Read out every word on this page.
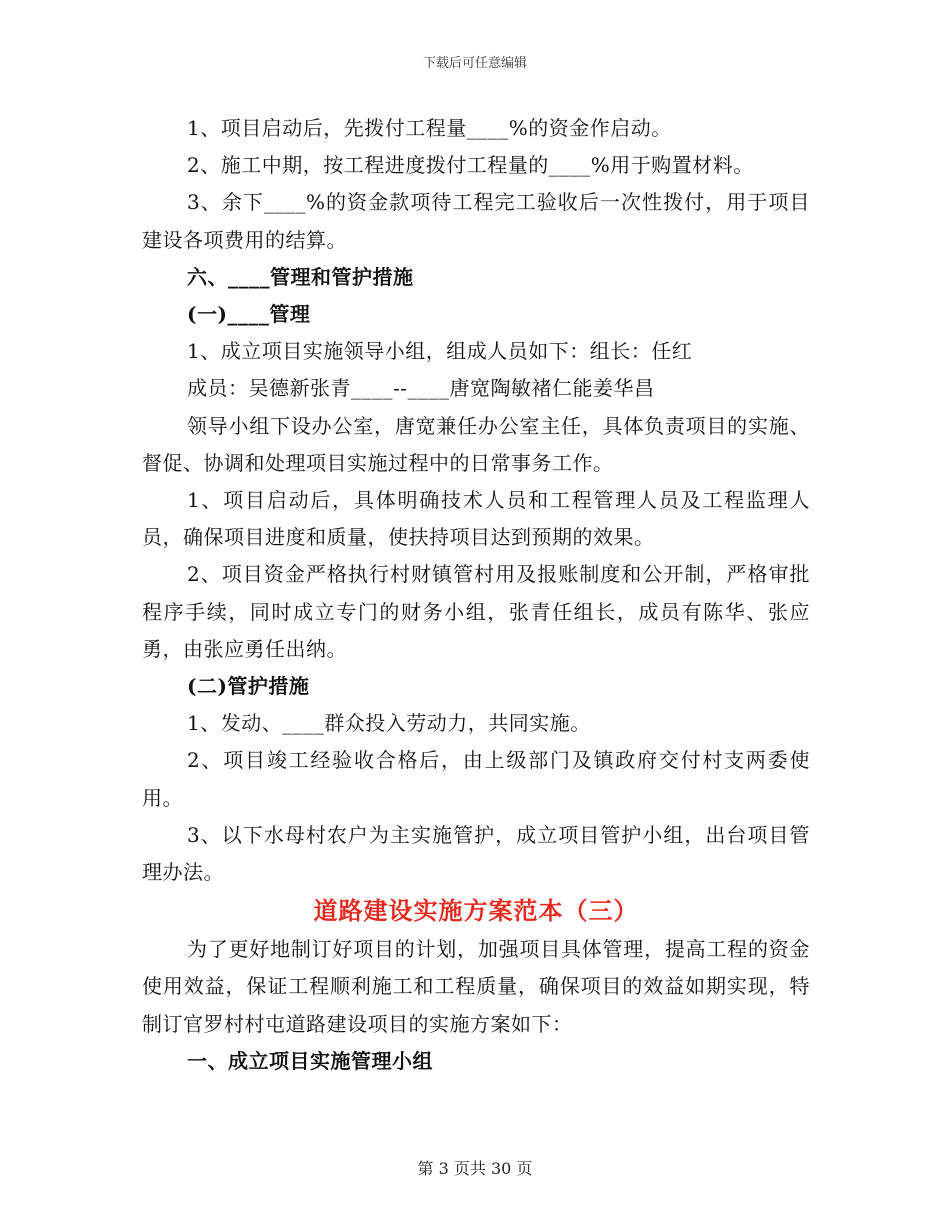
下载后可任意编辑

1、项目启动后，先拨付工程量____%的资金作启动。

2、施工中期，按工程进度拨付工程量的____%用于购置材料。

3、余下____%的资金款项待工程完工验收后一次性拨付，用于项目建设各项费用的结算。

六、____管理和管护措施

(一)____管理

1、成立项目实施领导小组，组成人员如下：组长：任红

成员：吴德新张青____--____唐宽陶敏褚仁能姜华昌

领导小组下设办公室，唐宽兼任办公室主任，具体负责项目的实施、督促、协调和处理项目实施过程中的日常事务工作。

1、项目启动后，具体明确技术人员和工程管理人员及工程监理人员，确保项目进度和质量，使扶持项目达到预期的效果。

2、项目资金严格执行村财镇管村用及报账制度和公开制，严格审批程序手续，同时成立专门的财务小组，张青任组长，成员有陈华、张应勇，由张应勇任出纳。

(二)管护措施

1、发动、____群众投入劳动力，共同实施。

2、项目竣工经验收合格后，由上级部门及镇政府交付村支两委使用。

3、以下水母村农户为主实施管护，成立项目管护小组，出台项目管理办法。

道路建设实施方案范本（三）

为了更好地制订好项目的计划，加强项目具体管理，提高工程的资金使用效益，保证工程顺利施工和工程质量，确保项目的效益如期实现，特制订官罗村村屯道路建设项目的实施方案如下：

一、成立项目实施管理小组

第 3 页共 30 页
